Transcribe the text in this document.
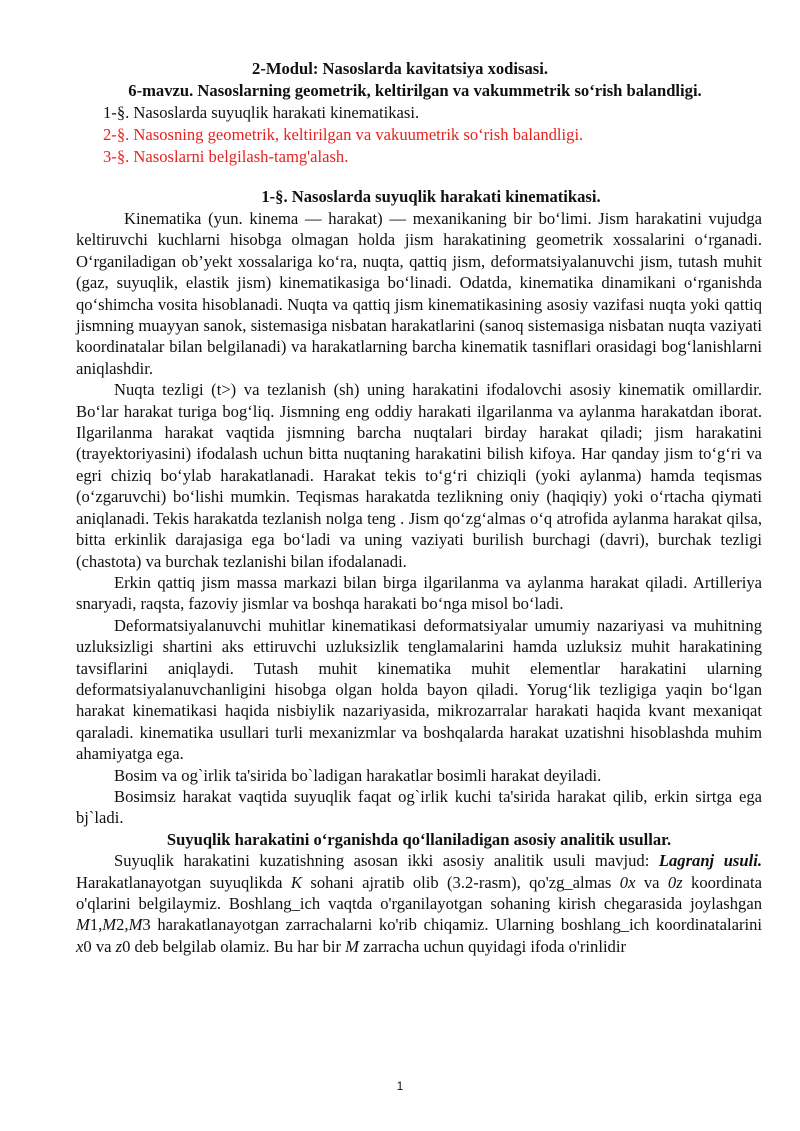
2-Modul: Nasoslarda kavitatsiya xodisasi.
6-mavzu. Nasoslarning geometrik, keltirilgan va vakummetrik so‘rish balandligi.
1-§. Nasoslarda suyuqlik harakati kinematikasi.
2-§. Nasosning geometrik, keltirilgan va vakuumetrik so‘rish balandligi.
3-§. Nasoslarni belgilash-tamg'alash.
1-§. Nasoslarda suyuqlik harakati kinematikasi.

Kinematika (yun. kinema — harakat) — mexanikaning bir bo‘limi. Jism harakatini vujudga keltiruvchi kuchlarni hisobga olmagan holda jism harakatining geometrik xossalarini o‘rganadi. O‘rganiladigan ob’yekt xossalariga ko‘ra, nuqta, qattiq jism, deformatsiyalanuvchi jism, tutash muhit (gaz, suyuqlik, elastik jism) kinematikasiga bo‘linadi. Odatda, kinematika dinamikani o‘rganishda qo‘shimcha vosita hisoblanadi. Nuqta va qattiq jism kinematikasining asosiy vazifasi nuqta yoki qattiq jismning muayyan sanok, sistemasiga nisbatan harakatlarini (sanoq sistemasiga nisbatan nuqta vaziyati koordinatalar bilan belgilanadi) va harakatlarning barcha kinematik tasniflari orasidagi bog‘lanishlarni aniqlashdir.

Nuqta tezligi (t>) va tezlanish (sh) uning harakatini ifodalovchi asosiy kinematik omillardir. Bo‘lar harakat turiga bog‘liq. Jismning eng oddiy harakati ilgarilanma va aylanma harakatdan iborat. Ilgarilanma harakat vaqtida jismning barcha nuqtalari birday harakat qiladi; jism harakatini (trayektoriyasini) ifodalash uchun bitta nuqtaning harakatini bilish kifoya. Har qanday jism to‘g‘ri va egri chiziq bo‘ylab harakatlanadi. Harakat tekis to‘g‘ri chiziqli (yoki aylanma) hamda teqismas (o‘zgaruvchi) bo‘lishi mumkin. Teqismas harakatda tezlikning oniy (haqiqiy) yoki o‘rtacha qiymati aniqlanadi. Tekis harakatda tezlanish nolga teng . Jism qo‘zg‘almas o‘q atrofida aylanma harakat qilsa, bitta erkinlik darajasiga ega bo‘ladi va uning vaziyati burilish burchagi (davri), burchak tezligi (chastota) va burchak tezlanishi bilan ifodalanadi.

Erkin qattiq jism massa markazi bilan birga ilgarilanma va aylanma harakat qiladi. Artilleriya snaryadi, raqsta, fazoviy jismlar va boshqa harakati bo‘nga misol bo‘ladi.

Deformatsiyalanuvchi muhitlar kinematikasi deformatsiyalar umumiy nazariyasi va muhitning uzluksizligi shartini aks ettiruvchi uzluksizlik tenglamalarini hamda uzluksiz muhit harakatining tavsiflarini aniqlaydi. Tutash muhit kinematika muhit elementlar harakatini ularning deformatsiyalanuvchanligini hisobga olgan holda bayon qiladi. Yorug‘lik tezligiga yaqin bo‘lgan harakat kinematikasi haqida nisbiylik nazariyasida, mikrozarralar harakati haqida kvant mexaniqat qaraladi. kinematika usullari turli mexanizmlar va boshqalarda harakat uzatishni hisoblashda muhim ahamiyatga ega.

Bosim va og`irlik ta'sirida bo`ladigan harakatlar bosimli harakat deyiladi.

Bosimsiz harakat vaqtida suyuqlik faqat og`irlik kuchi ta'sirida harakat qilib, erkin sirtga ega bj`ladi.

Suyuqlik harakatini o‘rganishda qo‘llaniladigan asosiy analitik usullar.

Suyuqlik harakatini kuzatishning asosan ikki asosiy analitik usuli mavjud: Lagranj usuli. Harakatlanayotgan suyuqlikda K sohani ajratib olib (3.2-rasm), qo'zg_almas 0x va 0z koordinata o'qlarini belgilaymiz. Boshlang_ich vaqtda o'rganilayotgan sohaning kirish chegarasida joylashgan M1,M2,M3 harakatlanayotgan zarrachalarni ko'rib chiqamiz. Ularning boshlang_ich koordinatalarini x0 va z0 deb belgilab olamiz. Bu har bir M zarracha uchun quyidagi ifoda o'rinlidir

1
